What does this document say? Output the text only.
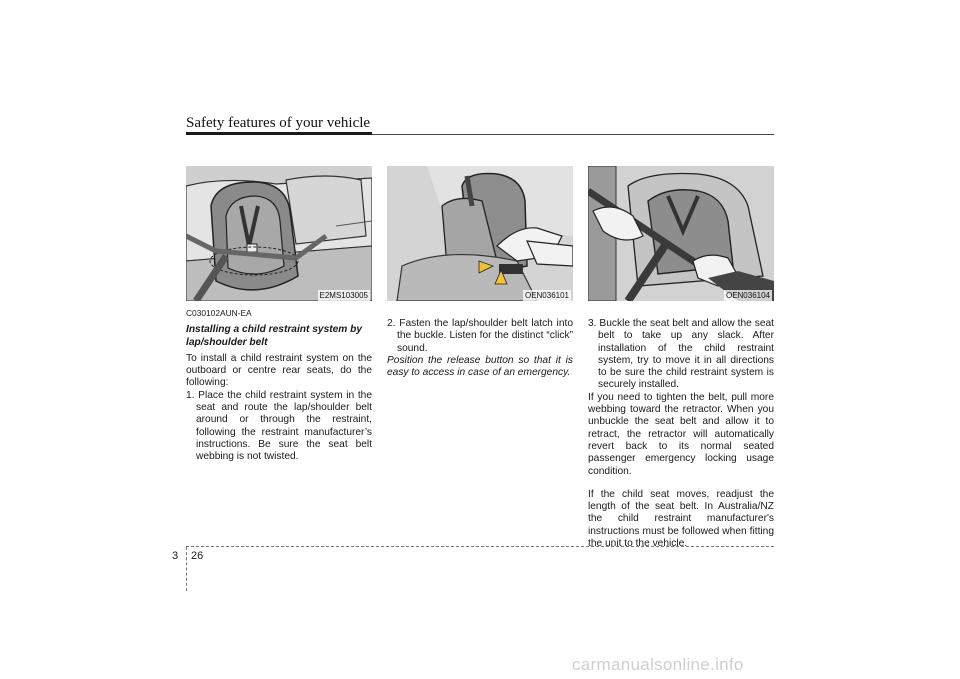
Safety features of your vehicle
E2MS103005	OEN036101	OEN036104

C030102AUN-EA

Installing a child restraint system by lap/shoulder belt

To install a child restraint system on the outboard or centre rear seats, do the following:

1. Place the child restraint system in the seat and route the lap/shoulder belt around or through the restraint, following the restraint manufacturer’s instructions. Be sure the seat belt webbing is not twisted.

2. Fasten the lap/shoulder belt latch into the buckle. Listen for the distinct “click” sound.

Position the release button so that it is easy to access in case of an emergency.

3. Buckle the seat belt and allow the seat belt to take up any slack. After installation of the child restraint system, try to move it in all directions to be sure the child restraint system is securely installed.

If you need to tighten the belt, pull more webbing toward the retractor. When you unbuckle the seat belt and allow it to retract, the retractor will automatically revert back to its normal seated passenger emergency locking usage condition.

If the child seat moves, readjust the length of the seat belt. In Australia/NZ the child restraint manufacturer's instructions must be followed when fitting the unit to the vehicle.

3 26
carmanualsonline.info
